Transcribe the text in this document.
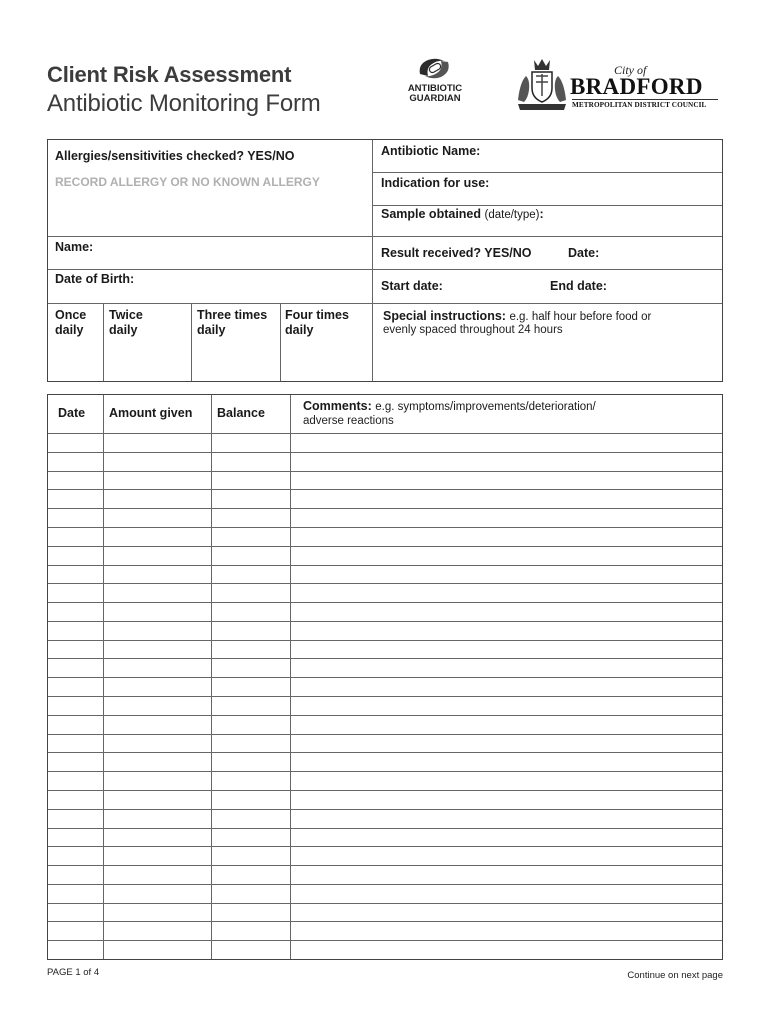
Client Risk Assessment
Antibiotic Monitoring Form
ANTIBIOTIC
GUARDIAN
City of
BRADFORD
METROPOLITAN DISTRICT COUNCIL
Allergies/sensitivities checked? YES/NO
RECORD ALLERGY OR NO KNOWN ALLERGY
Name:
Date of Birth:
Once
daily
Twice
daily
Three times
daily
Four times
daily
Antibiotic Name:
Indication for use:
Sample obtained (date/type):
Result received? YES/NO	Date:
Start date:	End date:
Special instructions: e.g. half hour before food or
evenly spaced throughout 24 hours
Date Amount given Balance	Comments: e.g. symptoms/improvements/deterioration/
adverse reactions
PAGE 1 of 4	Continue on next page
